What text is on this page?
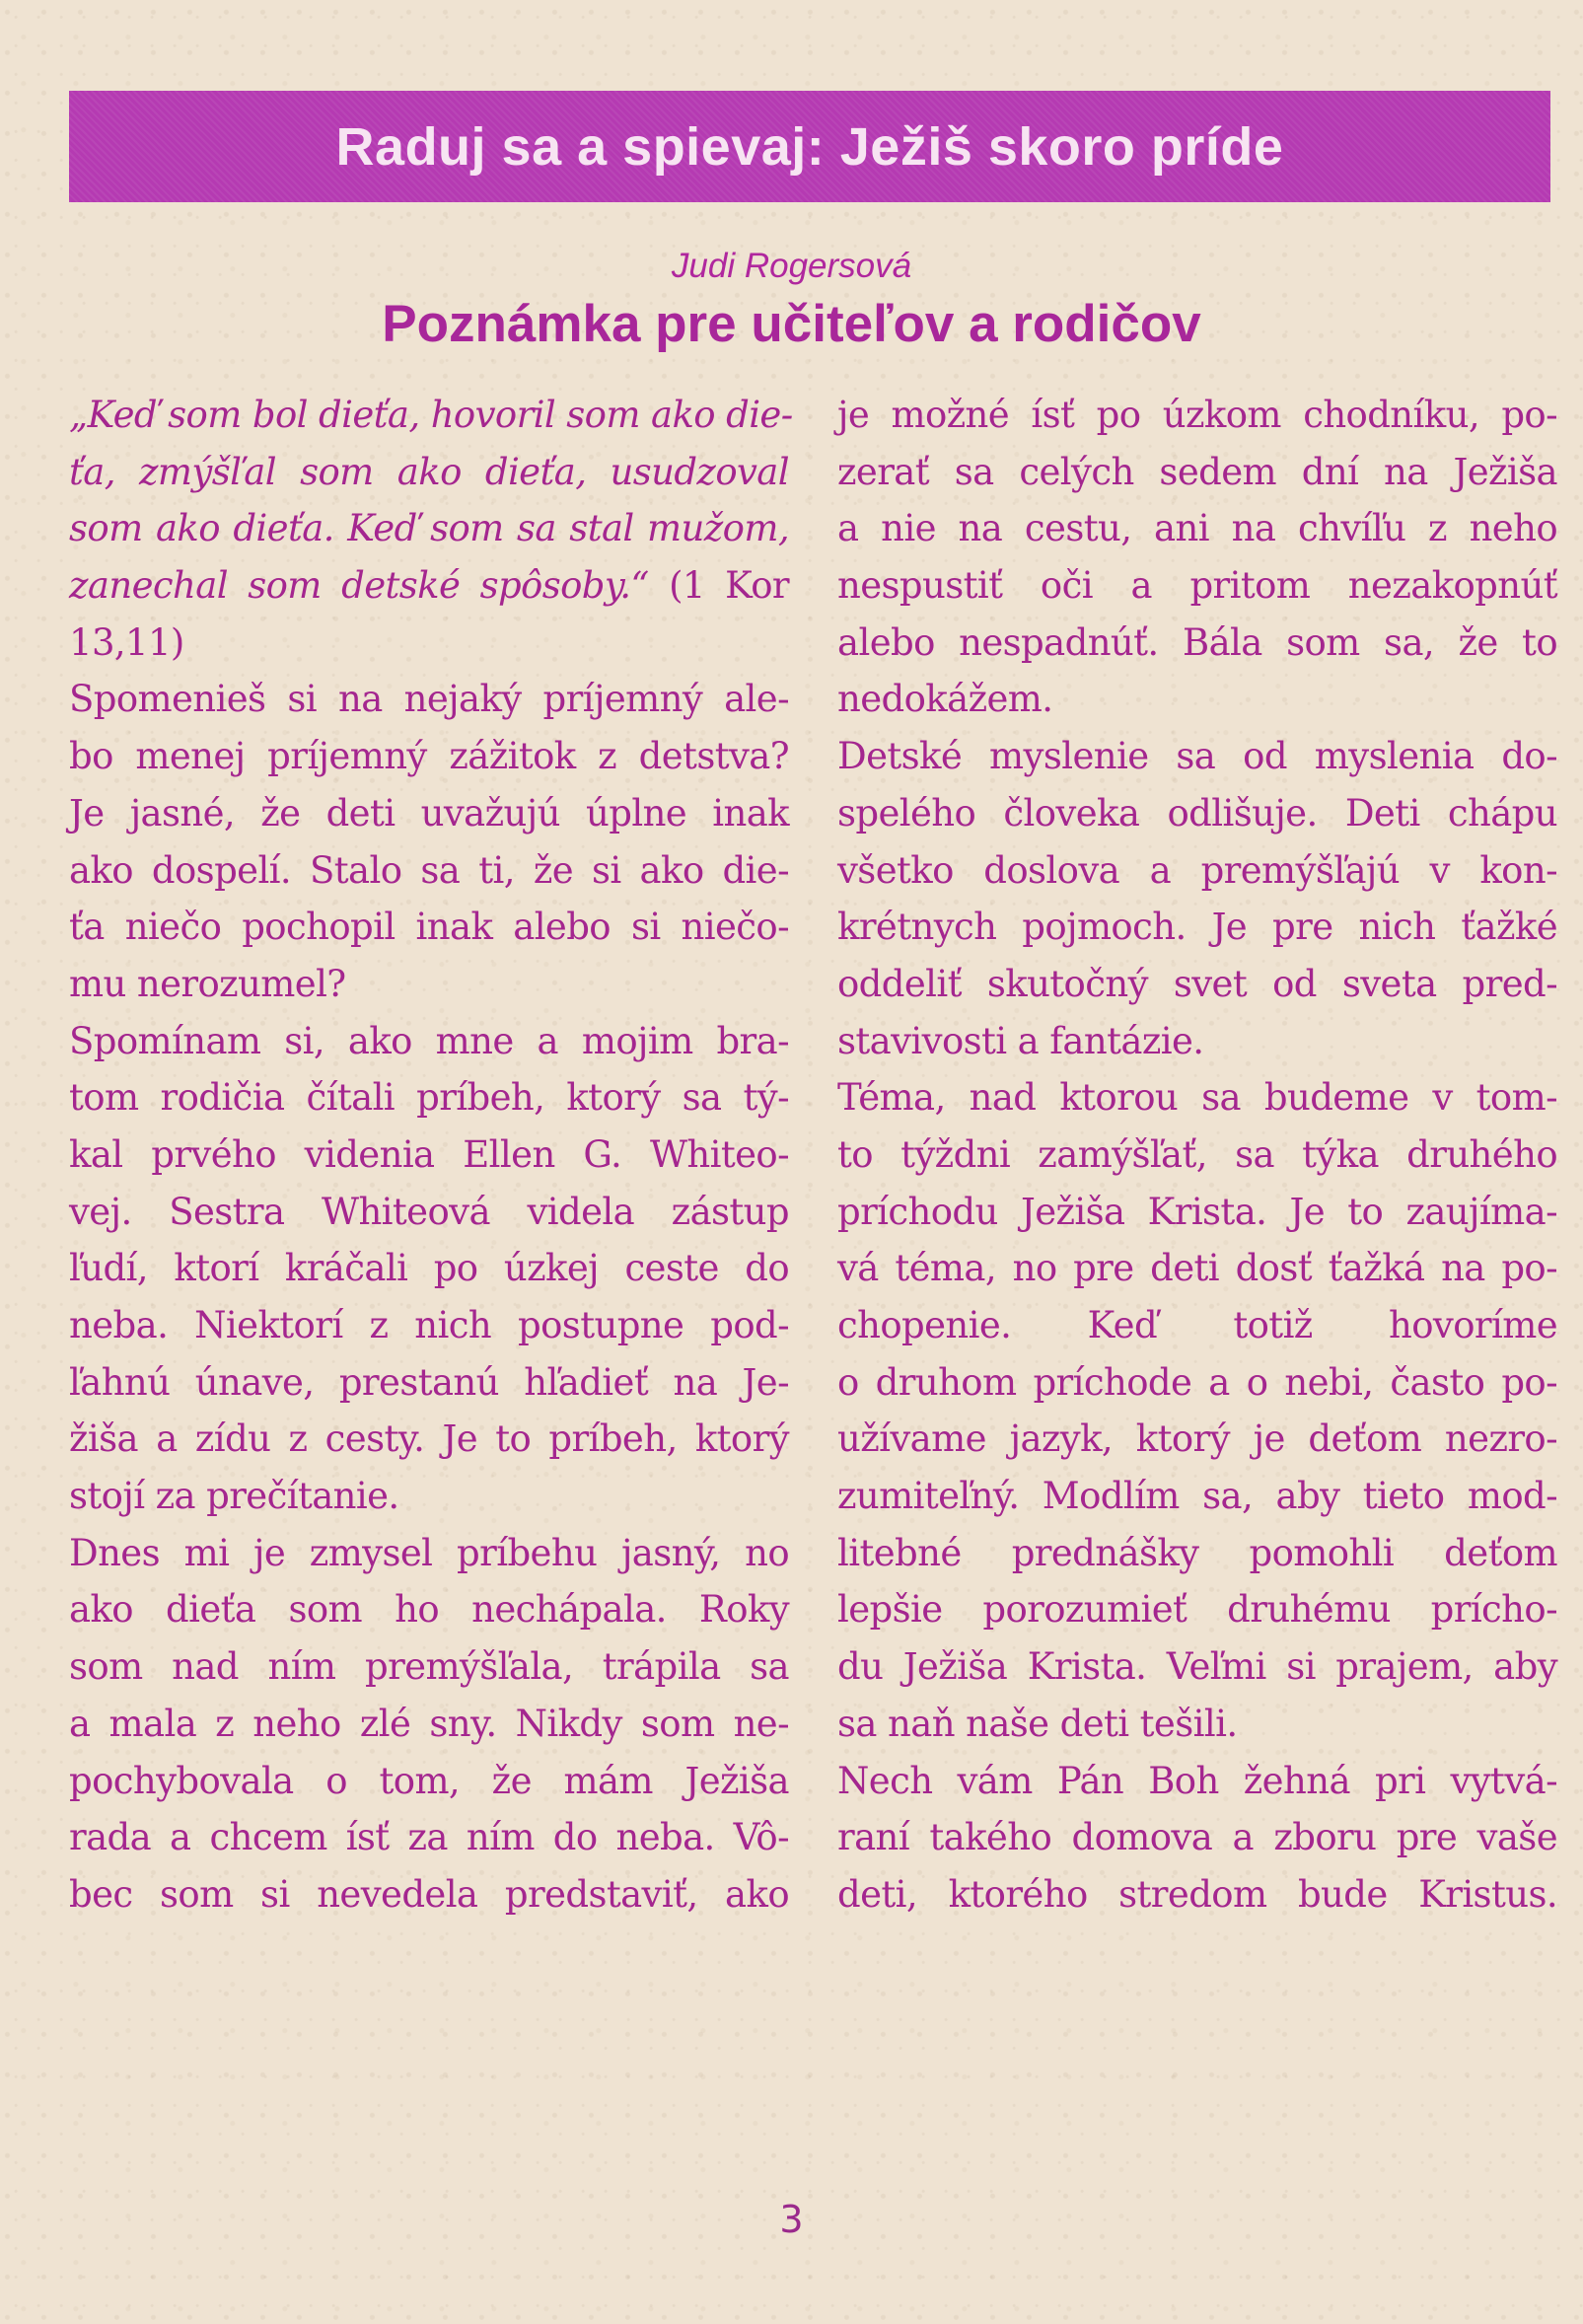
Raduj sa a spievaj: Ježiš skoro príde
Judi Rogersová
Poznámka pre učiteľov a rodičov
„Keď som bol dieťa, hovoril som ako die-
ťa, zmýšľal som ako dieťa, usudzoval
som ako dieťa. Keď som sa stal mužom,
zanechal som detské spôsoby.“ (1 Kor
13,11)
Spomenieš si na nejaký príjemný ale-
bo menej príjemný zážitok z detstva?
Je jasné, že deti uvažujú úplne inak
ako dospelí. Stalo sa ti, že si ako die-
ťa niečo pochopil inak alebo si niečo-
mu nerozumel?
Spomínam si, ako mne a mojim bra-
tom rodičia čítali príbeh, ktorý sa tý-
kal prvého videnia Ellen G. Whiteo-
vej. Sestra Whiteová videla zástup
ľudí, ktorí kráčali po úzkej ceste do
neba. Niektorí z nich postupne pod-
ľahnú únave, prestanú hľadieť na Je-
žiša a zídu z cesty. Je to príbeh, ktorý
stojí za prečítanie.
Dnes mi je zmysel príbehu jasný, no
ako dieťa som ho nechápala. Roky
som nad ním premýšľala, trápila sa
a mala z neho zlé sny. Nikdy som ne-
pochybovala o tom, že mám Ježiša
rada a chcem ísť za ním do neba. Vô-
bec som si nevedela predstaviť, ako
je možné ísť po úzkom chodníku, po-
zerať sa celých sedem dní na Ježiša
a nie na cestu, ani na chvíľu z neho
nespustiť oči a pritom nezakopnúť
alebo nespadnúť. Bála som sa, že to
nedokážem.
Detské myslenie sa od myslenia do-
spelého človeka odlišuje. Deti chápu
všetko doslova a premýšľajú v kon-
krétnych pojmoch. Je pre nich ťažké
oddeliť skutočný svet od sveta pred-
stavivosti a fantázie.
Téma, nad ktorou sa budeme v tom-
to týždni zamýšľať, sa týka druhého
príchodu Ježiša Krista. Je to zaujíma-
vá téma, no pre deti dosť ťažká na po-
chopenie. Keď totiž hovoríme
o druhom príchode a o nebi, často po-
užívame jazyk, ktorý je deťom nezro-
zumiteľný. Modlím sa, aby tieto mod-
litebné prednášky pomohli deťom
lepšie porozumieť druhému prícho-
du Ježiša Krista. Veľmi si prajem, aby
sa naň naše deti tešili.
Nech vám Pán Boh žehná pri vytvá-
raní takého domova a zboru pre vaše
deti, ktorého stredom bude Kristus.
3
